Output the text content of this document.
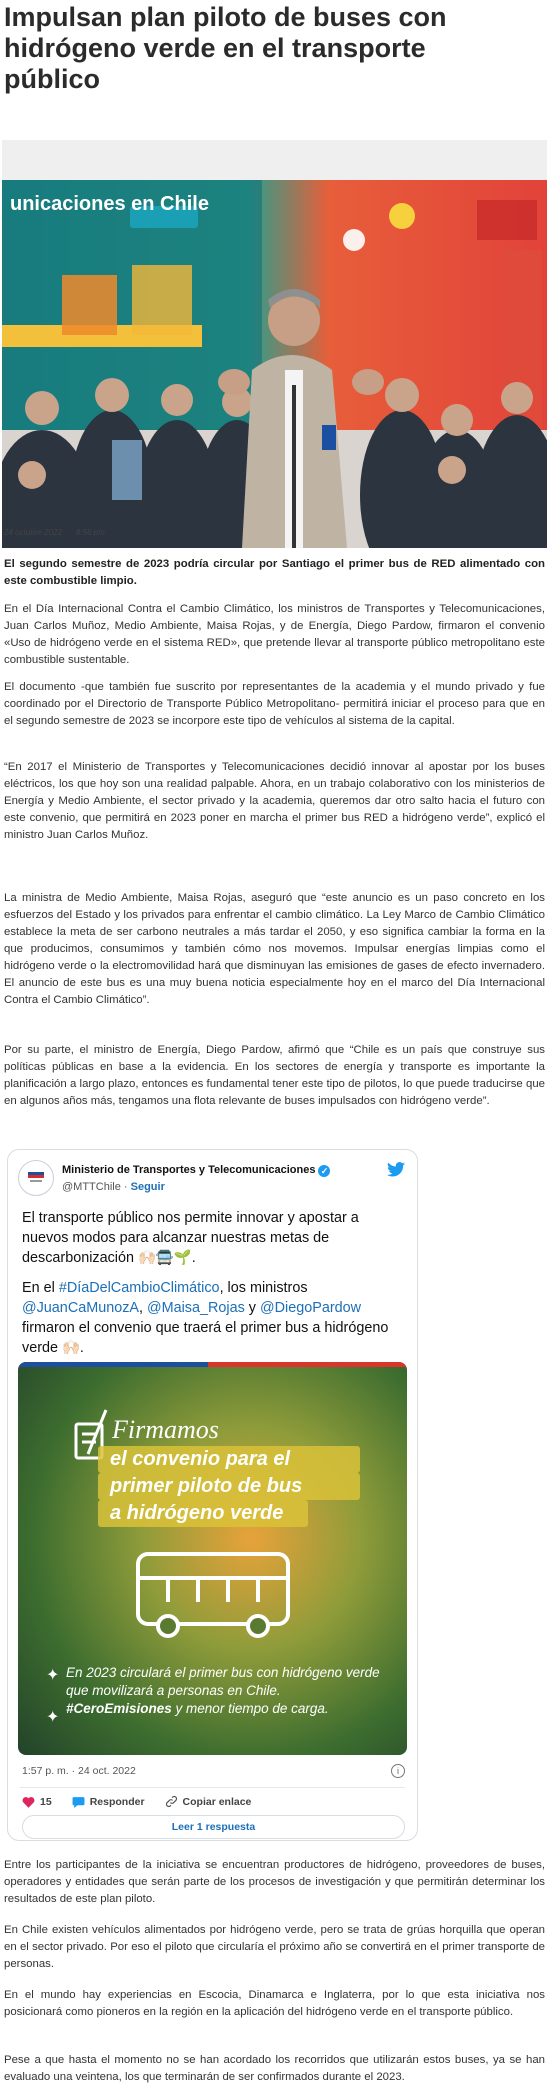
Impulsan plan piloto de buses con hidrógeno verde en el transporte público
unicaciones en Chile
24 octubre 2022 8:56 pm

El segundo semestre de 2023 podría circular por Santiago el primer bus de RED alimentado con este combustible limpio.

En el Día Internacional Contra el Cambio Climático, los ministros de Transportes y Telecomunicaciones, Juan Carlos Muñoz, Medio Ambiente, Maisa Rojas, y de Energía, Diego Pardow, firmaron el convenio «Uso de hidrógeno verde en el sistema RED», que pretende llevar al transporte público metropolitano este combustible sustentable.

El documento -que también fue suscrito por representantes de la academia y el mundo privado y fue coordinado por el Directorio de Transporte Público Metropolitano- permitirá iniciar el proceso para que en el segundo semestre de 2023 se incorpore este tipo de vehículos al sistema de la capital.

“En 2017 el Ministerio de Transportes y Telecomunicaciones decidió innovar al apostar por los buses eléctricos, los que hoy son una realidad palpable. Ahora, en un trabajo colaborativo con los ministerios de Energía y Medio Ambiente, el sector privado y la academia, queremos dar otro salto hacia el futuro con este convenio, que permitirá en 2023 poner en marcha el primer bus RED a hidrógeno verde”, explicó el ministro Juan Carlos Muñoz.

La ministra de Medio Ambiente, Maisa Rojas, aseguró que “este anuncio es un paso concreto en los esfuerzos del Estado y los privados para enfrentar el cambio climático. La Ley Marco de Cambio Climático establece la meta de ser carbono neutrales a más tardar el 2050, y eso significa cambiar la forma en la que producimos, consumimos y también cómo nos movemos. Impulsar energías limpias como el hidrógeno verde o la electromovilidad hará que disminuyan las emisiones de gases de efecto invernadero. El anuncio de este bus es una muy buena noticia especialmente hoy en el marco del Día Internacional Contra el Cambio Climático”.

Por su parte, el ministro de Energía, Diego Pardow, afirmó que “Chile es un país que construye sus políticas públicas en base a la evidencia. En los sectores de energía y transporte es importante la planificación a largo plazo, entonces es fundamental tener este tipo de pilotos, lo que puede traducirse que en algunos años más, tengamos una flota relevante de buses impulsados con hidrógeno verde”.

Ministerio de Transportes y Telecomunicaciones ✓
@MTTChile · Seguir

El transporte público nos permite innovar y apostar a nuevos modos para alcanzar nuestras metas de descarbonización 🙌🏻🚍🌱.

En el #DíaDelCambioClimático, los ministros @JuanCaMunozA, @Maisa_Rojas y @DiegoPardow firmaron el convenio que traerá el primer bus a hidrógeno verde 🙌🏻.

Firmamos
el convenio para el
primer piloto de bus
a hidrógeno verde
✦
✦
En 2023 circulará el primer bus con hidrógeno verde que movilizará a personas en Chile.
#CeroEmisiones y menor tiempo de carga.
1:57 p. m. · 24 oct. 2022	i
15	Responder	Copiar enlace
Leer 1 respuesta

Entre los participantes de la iniciativa se encuentran productores de hidrógeno, proveedores de buses, operadores y entidades que serán parte de los procesos de investigación y que permitirán determinar los resultados de este plan piloto.

En Chile existen vehículos alimentados por hidrógeno verde, pero se trata de grúas horquilla que operan en el sector privado. Por eso el piloto que circularía el próximo año se convertirá en el primer transporte de personas.

En el mundo hay experiencias en Escocia, Dinamarca e Inglaterra, por lo que esta iniciativa nos posicionará como pioneros en la región en la aplicación del hidrógeno verde en el transporte público.

Pese a que hasta el momento no se han acordado los recorridos que utilizarán estos buses, ya se han evaluado una veintena, los que terminarán de ser confirmados durante el 2023.
